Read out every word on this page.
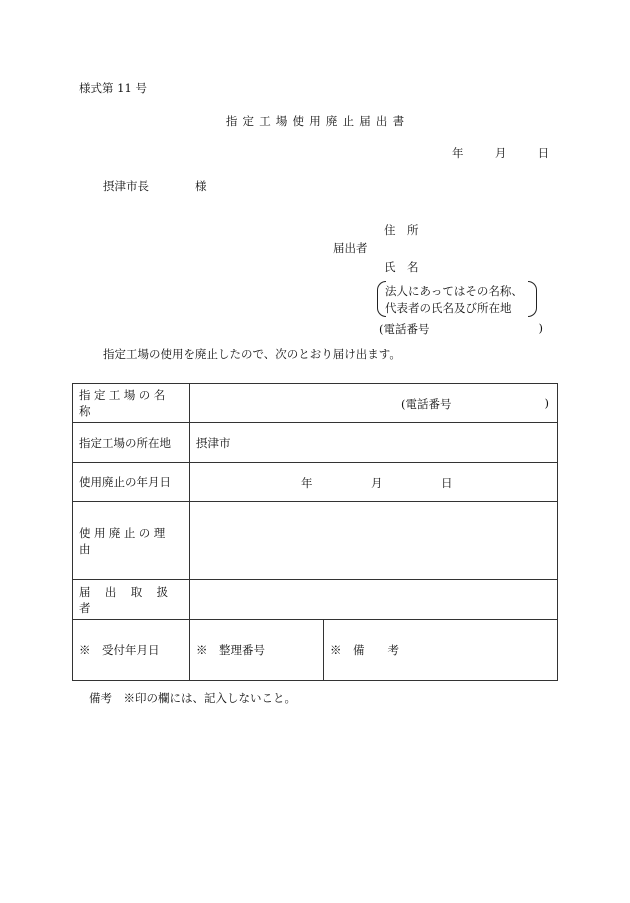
様式第 11 号
指定工場使用廃止届出書
年	月	日
摂津市長	様
住　所
届出者
氏　名
法人にあってはその名称、
代表者の氏名及び所在地
(電話番号	)
指定工場の使用を廃止したので、次のとおり届け出ます。
指定工場の名称	(電話番号 )	

指定工場の所在地	摂津市	
使用廃止の年月日	年 月 日	

使用廃止の理由		
届出取扱者		
※　受付年月日	※　整理番号	※　備　　考
備考　※印の欄には、記入しないこと。
